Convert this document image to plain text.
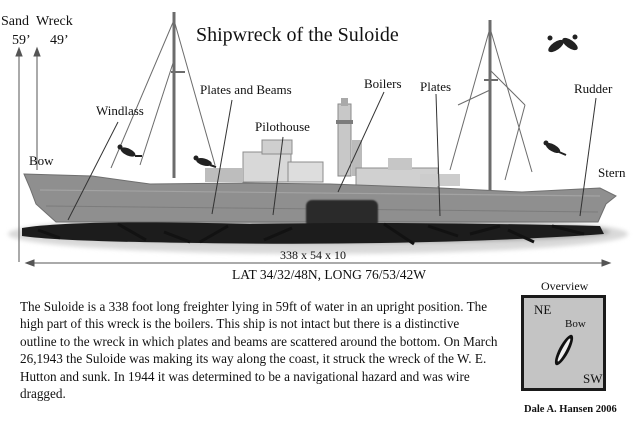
Shipwreck of the Suloide
Sand
59’
Wreck
49’
Bow
Windlass
Plates and Beams
Pilothouse
Boilers Plates	Rudder
Stern
338 x 54 x 10
LAT 34/32/48N, LONG 76/53/42W
The Suloide is a 338 foot long freighter lying in 59ft of water in an upright position. The high part of this wreck is the boilers. This ship is not intact but there is a distinctive outline to the wreck in which plates and beams are scattered around the bottom. On March 26,1943 the Suloide was making its way along the coast, it struck the wreck of the W. E. Hutton and sunk. In 1944 it was determined to be a navigational hazard and was wire dragged.
Overview
NE
Bow
SW
Dale A. Hansen 2006
